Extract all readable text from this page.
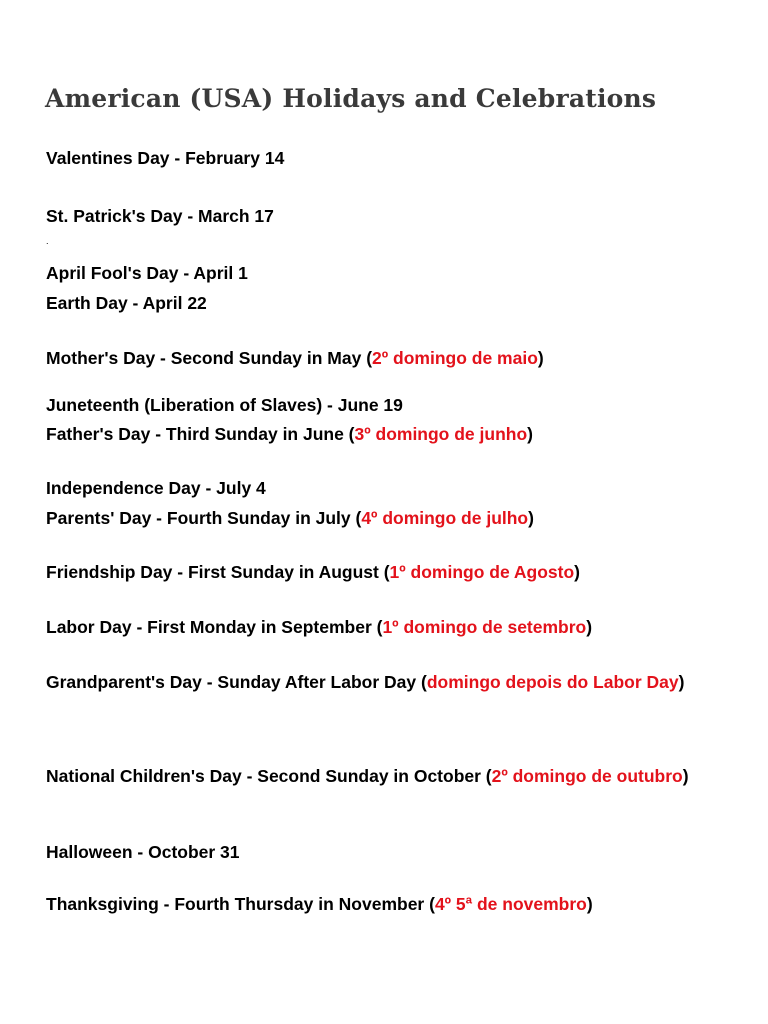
American (USA) Holidays and Celebrations

Valentines Day - February 14

St. Patrick's Day - March 17

.

April Fool's Day - April 1

Earth Day - April 22

Mother's Day - Second Sunday in May (2º domingo de maio)

Juneteenth (Liberation of Slaves) - June 19

Father's Day - Third Sunday in June (3º domingo de junho)

Independence Day - July 4

Parents' Day - Fourth Sunday in July (4º domingo de julho)

Friendship Day - First Sunday in August (1º domingo de Agosto)

Labor Day - First Monday in September (1º domingo de setembro)

Grandparent's Day - Sunday After Labor Day (domingo depois do Labor Day)

National Children's Day - Second Sunday in October (2º domingo de outubro)

Halloween - October 31

Thanksgiving - Fourth Thursday in November (4º 5ª de novembro)
